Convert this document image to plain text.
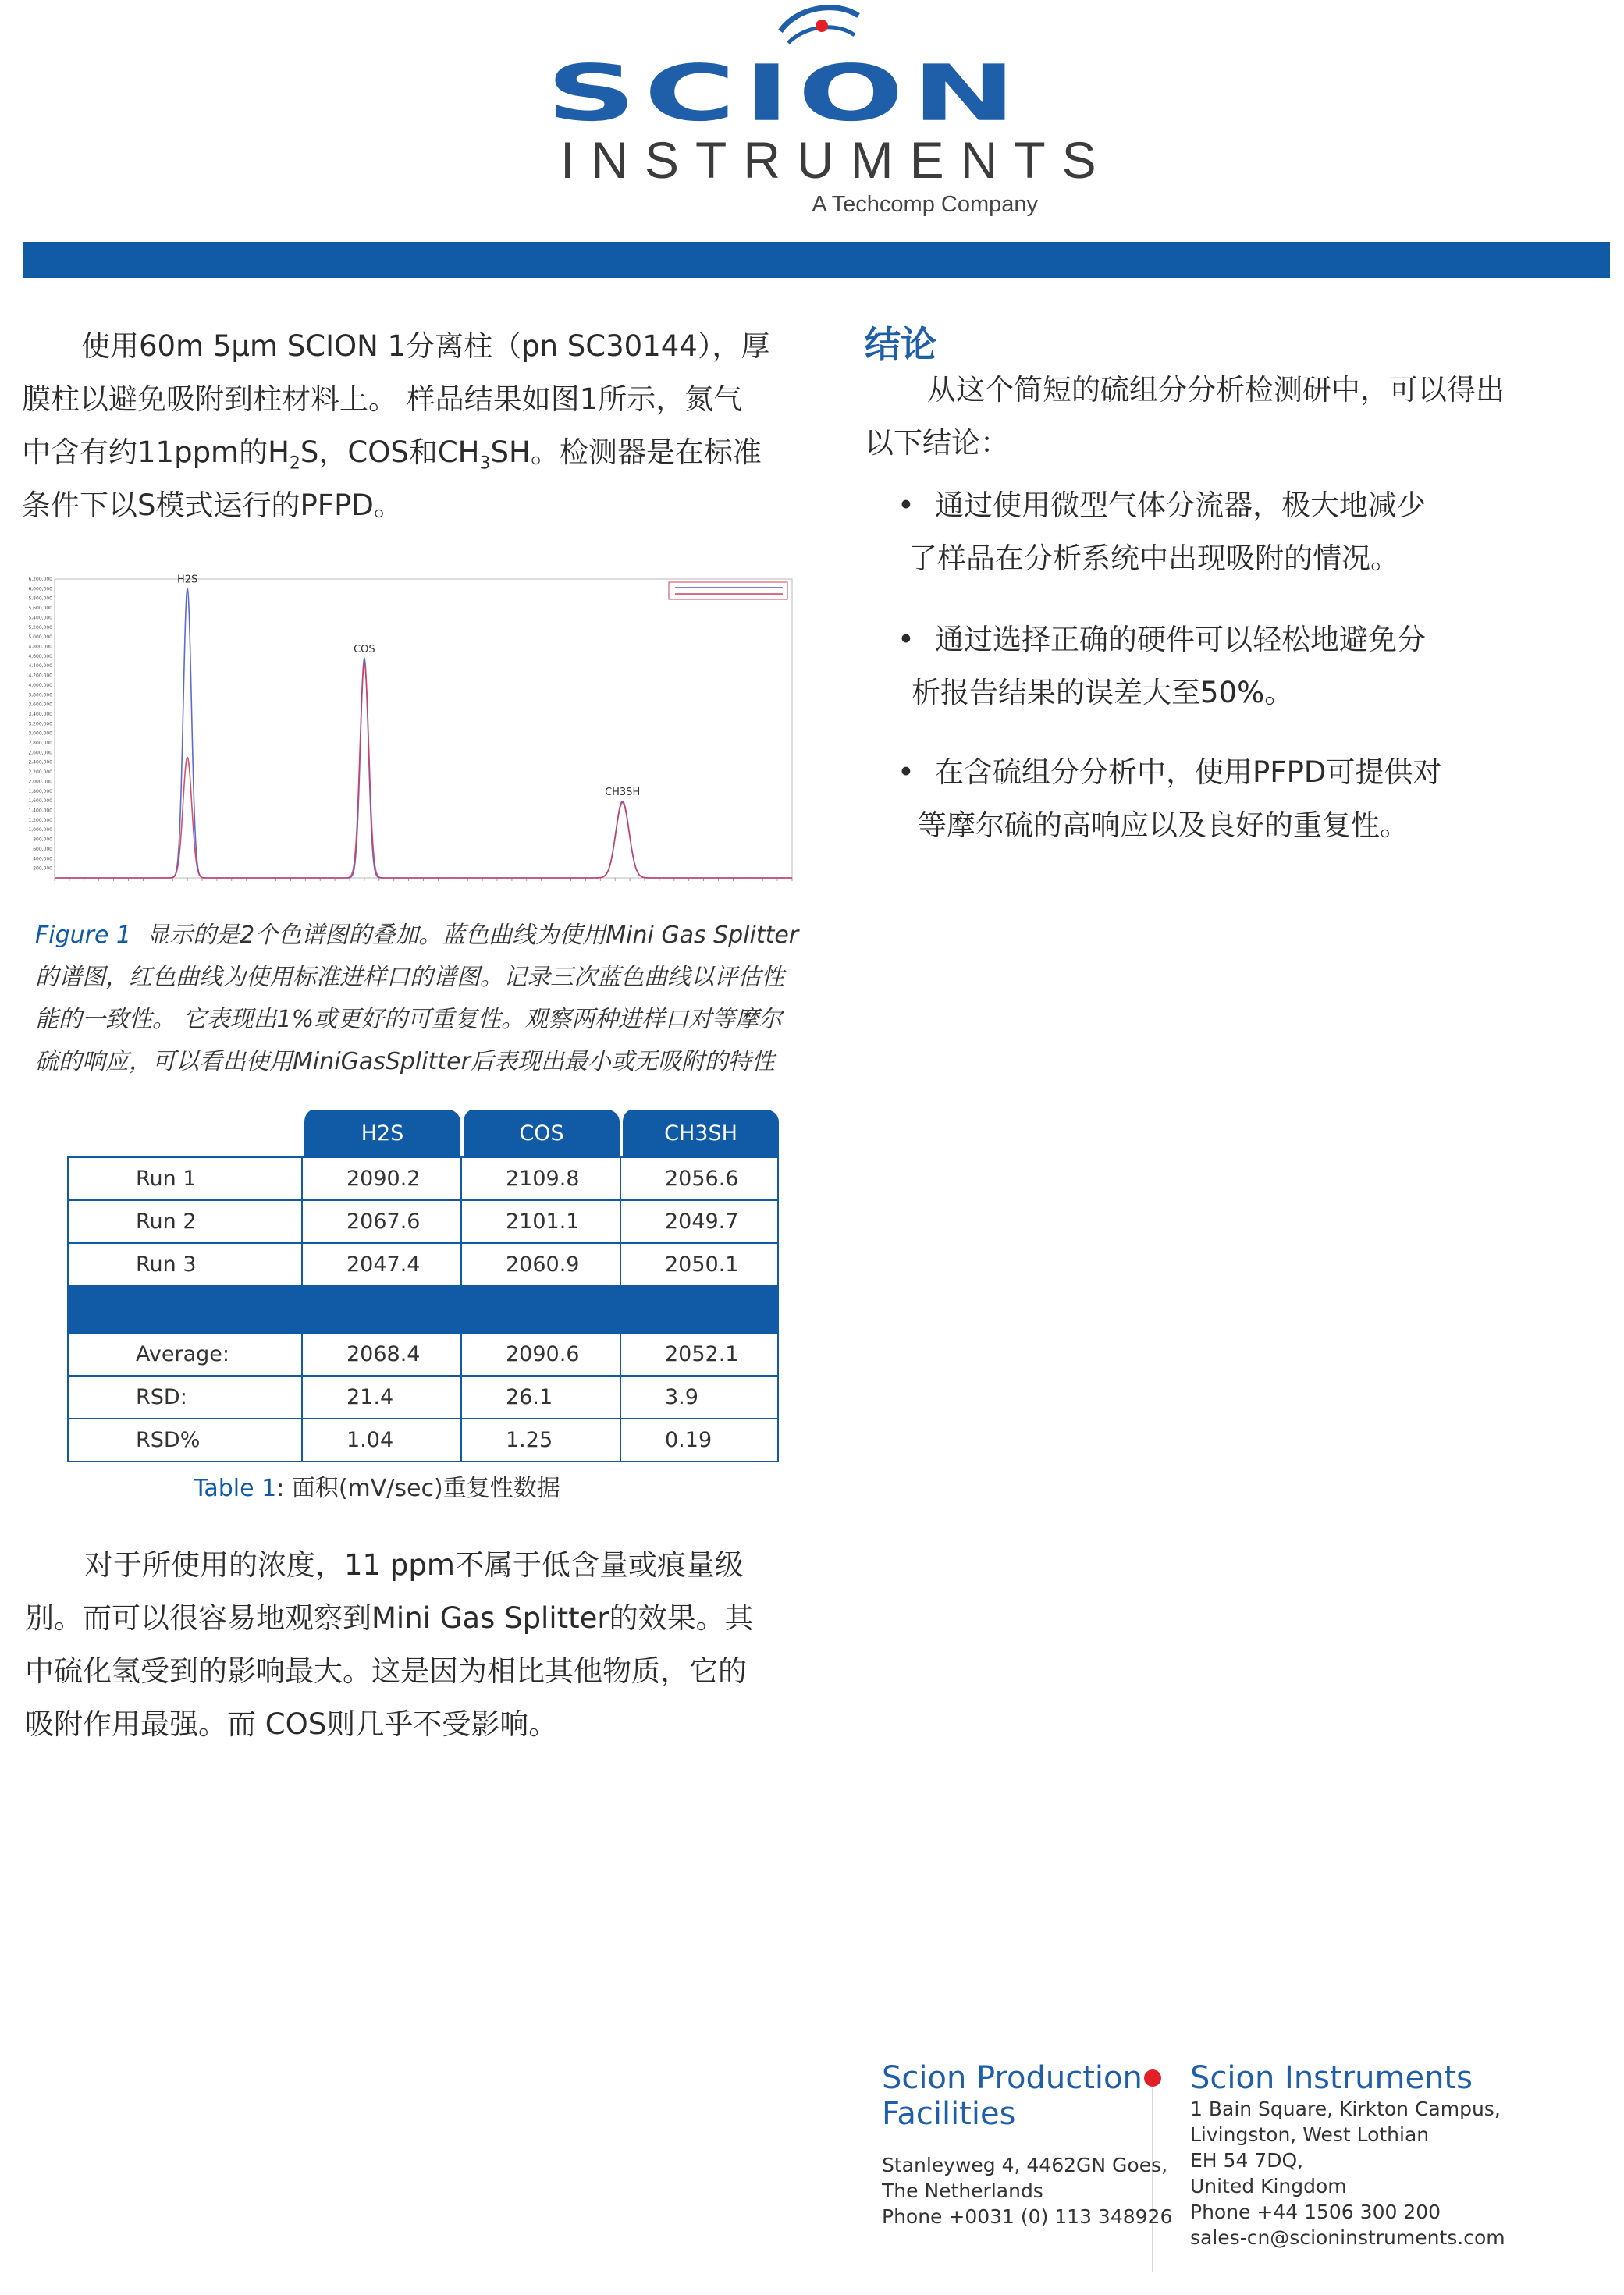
SCION
INSTRUMENTS
A Techcomp Company
使用60m 5μm SCION 1分离柱（pn SC30144），厚
膜柱以避免吸附到柱材料上。 样品结果如图1所示，氮气
中含有约11ppm的$H_2S$，COS和$CH_3SH$。检测器是在标准
条件下以S模式运行的PFPD。
6,200,000
6,000,000
5,800,000
5,600,000
5,400,000
5,200,000
5,000,000
4,800,000
4,600,000
4,400,000
4,200,000
4,000,000
3,800,000
3,600,000
3,400,000
3,200,000
3,000,000
2,800,000
2,600,000
2,400,000
2,200,000
2,000,000
1,800,000
1,600,000
1,400,000
1,200,000
1,000,000
800,000
600,000
400,000
200,000
H2S
COS
CH3SH
Figure 1 显示的是2个色谱图的叠加。蓝色曲线为使用Mini Gas Splitter
的谱图，红色曲线为使用标准进样口的谱图。记录三次蓝色曲线以评估性
能的一致性。 它表现出1%或更好的可重复性。观察两种进样口对等摩尔
硫的响应，可以看出使用MiniGasSplitter后表现出最小或无吸附的特性
	H2S	COS	CH3SH
Run 1	2090.2	2109.8	2056.6
Run 2	2067.6	2101.1	2049.7
Run 3	2047.4	2060.9	2050.1

Average:	2068.4	2090.6	2052.1
RSD:	21.4	26.1	3.9
RSD%	1.04	1.25	0.19
Table 1: 面积(mV/sec)重复性数据
对于所使用的浓度，11 ppm不属于低含量或痕量级
别。而可以很容易地观察到Mini Gas Splitter的效果。其
中硫化氢受到的影响最大。这是因为相比其他物质，它的
吸附作用最强。而 COS则几乎不受影响。
结论
从这个简短的硫组分分析检测研中，可以得出
以下结论：
• 通过使用微型气体分流器，极大地减少
了样品在分析系统中出现吸附的情况。
• 通过选择正确的硬件可以轻松地避免分
析报告结果的误差大至50%。
• 在含硫组分分析中，使用PFPD可提供对
等摩尔硫的高响应以及良好的重复性。
Scion Production
Facilities
Stanleyweg 4, 4462GN Goes,
The Netherlands
Phone +0031 (0) 113 348926
Scion Instruments
1 Bain Square, Kirkton Campus,
Livingston, West Lothian
EH 54 7DQ,
United Kingdom
Phone +44 1506 300 200
sales-cn@scioninstruments.com
